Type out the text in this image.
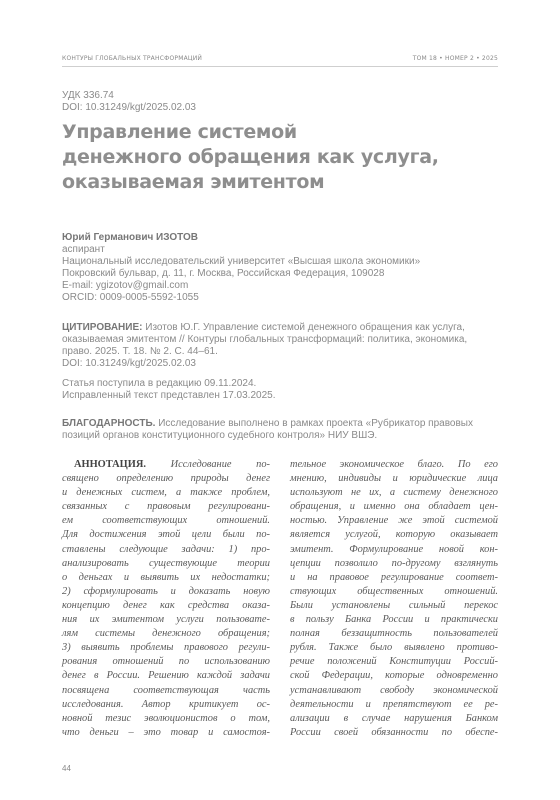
КОНТУРЫ ГЛОБАЛЬНЫХ ТРАНСФОРМАЦИЙ	ТОМ 18 • НОМЕР 2 • 2025
УДК 336.74
DOI: 10.31249/kgt/2025.02.03
Управление системой
денежного обращения как услуга,
оказываемая эмитентом
Юрий Германович ИЗОТОВ
аспирант
Национальный исследовательский университет «Высшая школа экономики»
Покровский бульвар, д. 11, г. Москва, Российская Федерация, 109028
E-mail: ygizotov@gmail.com
ORCID: 0009-0005-5592-1055
ЦИТИРОВАНИЕ: Изотов Ю.Г. Управление системой денежного обращения как услуга, оказываемая эмитентом // Контуры глобальных трансформаций: политика, экономика, право. 2025. Т. 18. № 2. С. 44–61.
DOI: 10.31249/kgt/2025.02.03
Статья поступила в редакцию 09.11.2024.
Исправленный текст представлен 17.03.2025.
БЛАГОДАРНОСТЬ. Исследование выполнено в рамках проекта «Рубрикатор правовых позиций органов конституционного судебного контроля» НИУ ВШЭ.
АННОТАЦИЯ. Исследование по-
священо определению природы денег
и денежных систем, а также проблем,
связанных с правовым регулировани-
ем соответствующих отношений.
Для достижения этой цели были по-
ставлены следующие задачи: 1) про-
анализировать существующие теории
о деньгах и выявить их недостатки;
2) сформулировать и доказать новую
концепцию денег как средства оказа-
ния их эмитентом услуги пользовате-
лям системы денежного обращения;
3) выявить проблемы правового регули-
рования отношений по использованию
денег в России. Решению каждой задачи
посвящена соответствующая часть
исследования. Автор критикует ос-
новной тезис эволюционистов о том,
что деньги – это товар и самостоя-
тельное экономическое благо. По его
мнению, индивиды и юридические лица
используют не их, а систему денежного
обращения, и именно она обладает цен-
ностью. Управление же этой системой
является услугой, которую оказывает
эмитент. Формулирование новой кон-
цепции позволило по-другому взглянуть
и на правовое регулирование соответ-
ствующих общественных отношений.
Были установлены сильный перекос
в пользу Банка России и практически
полная беззащитность пользователей
рубля. Также было выявлено противо-
речие положений Конституции Россий-
ской Федерации, которые одновременно
устанавливают свободу экономической
деятельности и препятствуют ее ре-
ализации в случае нарушения Банком
России своей обязанности по обеспе-
44
